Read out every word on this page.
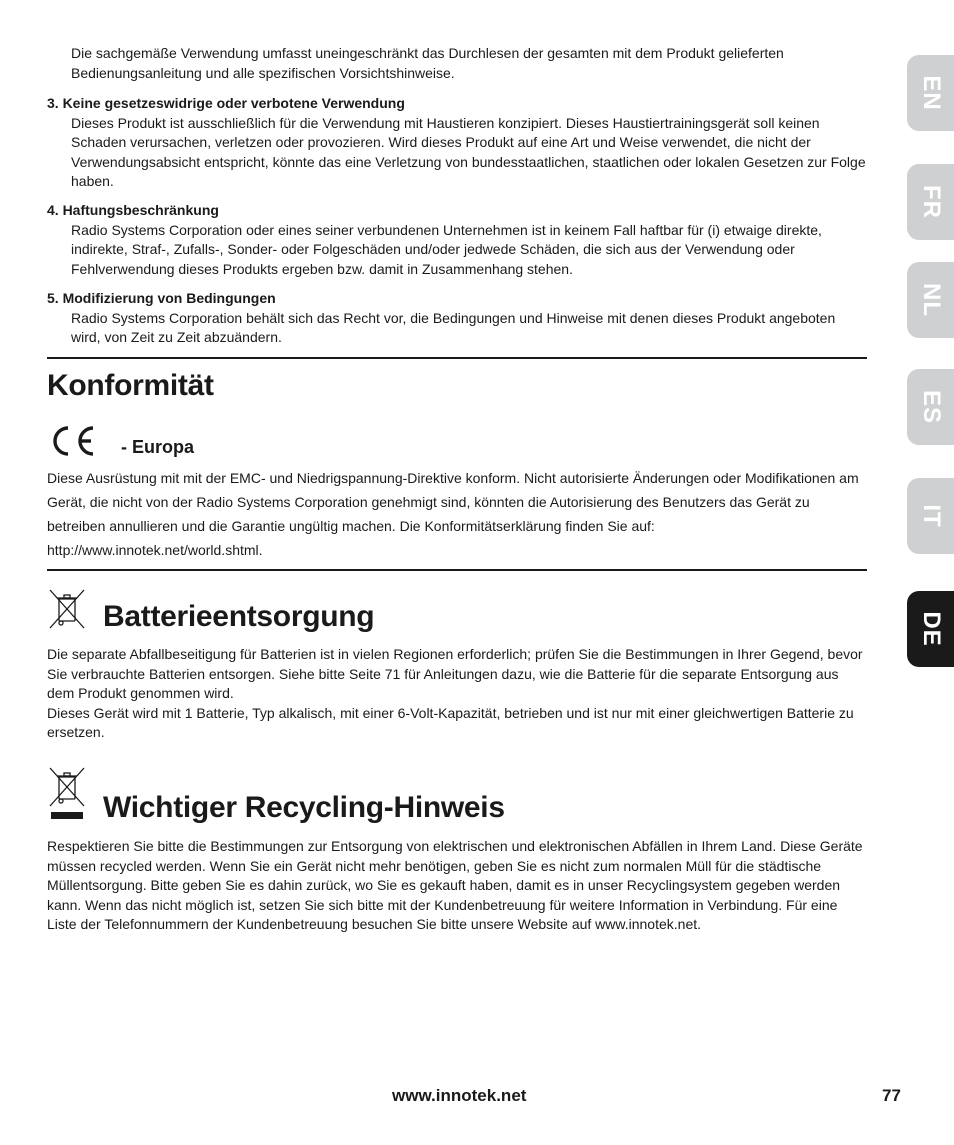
Die sachgemäße Verwendung umfasst uneingeschränkt das Durchlesen der gesamten mit dem Produkt gelieferten Bedienungsanleitung und alle spezifischen Vorsichtshinweise.

3. Keine gesetzeswidrige oder verbotene Verwendung

Dieses Produkt ist ausschließlich für die Verwendung mit Haustieren konzipiert. Dieses Haustiertrainingsgerät soll keinen Schaden verursachen, verletzen oder provozieren. Wird dieses Produkt auf eine Art und Weise verwendet, die nicht der Verwendungsabsicht entspricht, könnte das eine Verletzung von bundesstaatlichen, staatlichen oder lokalen Gesetzen zur Folge haben.

4. Haftungsbeschränkung

Radio Systems Corporation oder eines seiner verbundenen Unternehmen ist in keinem Fall haftbar für (i) etwaige direkte, indirekte, Straf-, Zufalls-, Sonder- oder Folgeschäden und/oder jedwede Schäden, die sich aus der Verwendung oder Fehlverwendung dieses Produkts ergeben bzw. damit in Zusammenhang stehen.

5. Modifizierung von Bedingungen

Radio Systems Corporation behält sich das Recht vor, die Bedingungen und Hinweise mit denen dieses Produkt angeboten wird, von Zeit zu Zeit abzuändern.

Konformität
- Europa

Diese Ausrüstung mit mit der EMC- und Niedrigspannung-Direktive konform. Nicht autorisierte Änderungen oder Modifikationen am Gerät, die nicht von der Radio Systems Corporation genehmigt sind, könnten die Autorisierung des Benutzers das Gerät zu betreiben annullieren und die Garantie ungültig machen. Die Konformitätserklärung finden Sie auf: http://www.innotek.net/world.shtml.

Batterieentsorgung

Die separate Abfallbeseitigung für Batterien ist in vielen Regionen erforderlich; prüfen Sie die Bestimmungen in Ihrer Gegend, bevor Sie verbrauchte Batterien entsorgen. Siehe bitte Seite 71 für Anleitungen dazu, wie die Batterie für die separate Entsorgung aus dem Produkt genommen wird.

Dieses Gerät wird mit 1 Batterie, Typ alkalisch, mit einer 6-Volt-Kapazität, betrieben und ist nur mit einer gleichwertigen Batterie zu ersetzen.

Wichtiger Recycling-Hinweis

Respektieren Sie bitte die Bestimmungen zur Entsorgung von elektrischen und elektronischen Abfällen in Ihrem Land. Diese Geräte müssen recycled werden. Wenn Sie ein Gerät nicht mehr benötigen, geben Sie es nicht zum normalen Müll für die städtische Müllentsorgung. Bitte geben Sie es dahin zurück, wo Sie es gekauft haben, damit es in unser Recyclingsystem gegeben werden kann. Wenn das nicht möglich ist, setzen Sie sich bitte mit der Kundenbetreuung für weitere Information in Verbindung. Für eine Liste der Telefonnummern der Kundenbetreuung besuchen Sie bitte unsere Website auf www.innotek.net.

EN
FR
NL
ES
IT
DE
www.innotek.net	77
